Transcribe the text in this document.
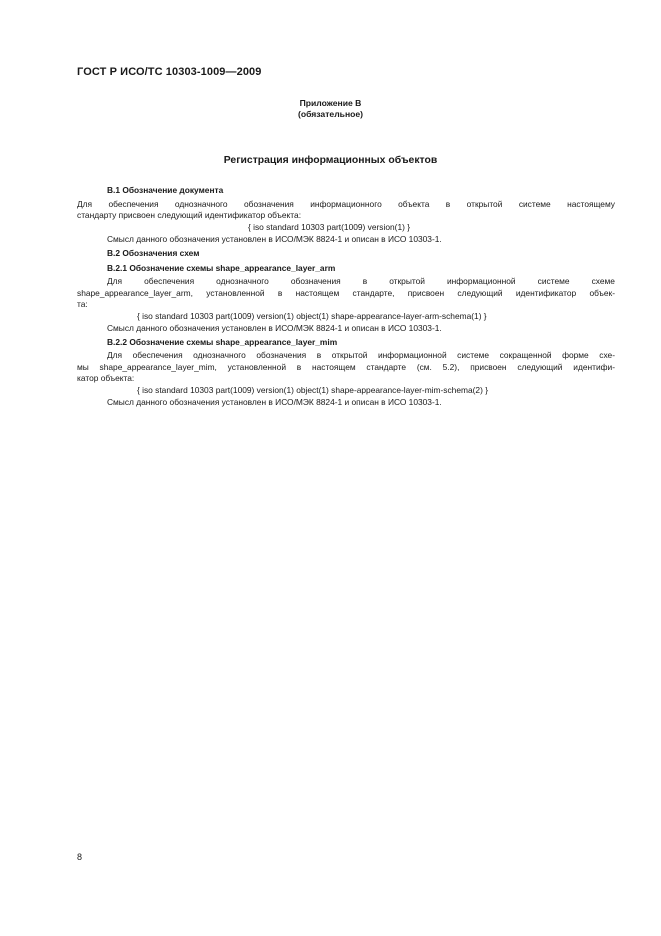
ГОСТ Р ИСО/ТС 10303-1009—2009
Приложение В
(обязательное)
Регистрация информационных объектов
В.1 Обозначение документа
Для обеспечения однозначного обозначения информационного объекта в открытой системе настоящему
стандарту присвоен следующий идентификатор объекта:
{ iso standard 10303 part(1009) version(1) }
Смысл данного обозначения установлен в ИСО/МЭК 8824-1 и описан в ИСО 10303-1.
В.2 Обозначения схем
В.2.1 Обозначение схемы shape_appearance_layer_arm
Для	обеспечения	однозначного	обозначения	в	открытой	информационной	системе	схеме
shape_appearance_layer_arm, установленной в настоящем стандарте, присвоен следующий идентификатор объек-
та:
{ iso standard 10303 part(1009) version(1) object(1) shape-appearance-layer-arm-schema(1) }
Смысл данного обозначения установлен в ИСО/МЭК 8824-1 и описан в ИСО 10303-1.
В.2.2 Обозначение схемы shape_appearance_layer_mim
Для обеспечения однозначного обозначения в открытой информационной системе сокращенной форме схе-
мы shape_appearance_layer_mim, установленной в настоящем стандарте (см. 5.2), присвоен следующий идентифи-
катор объекта:
{ iso standard 10303 part(1009) version(1) object(1) shape-appearance-layer-mim-schema(2) }
Смысл данного обозначения установлен в ИСО/МЭК 8824-1 и описан в ИСО 10303-1.
8
